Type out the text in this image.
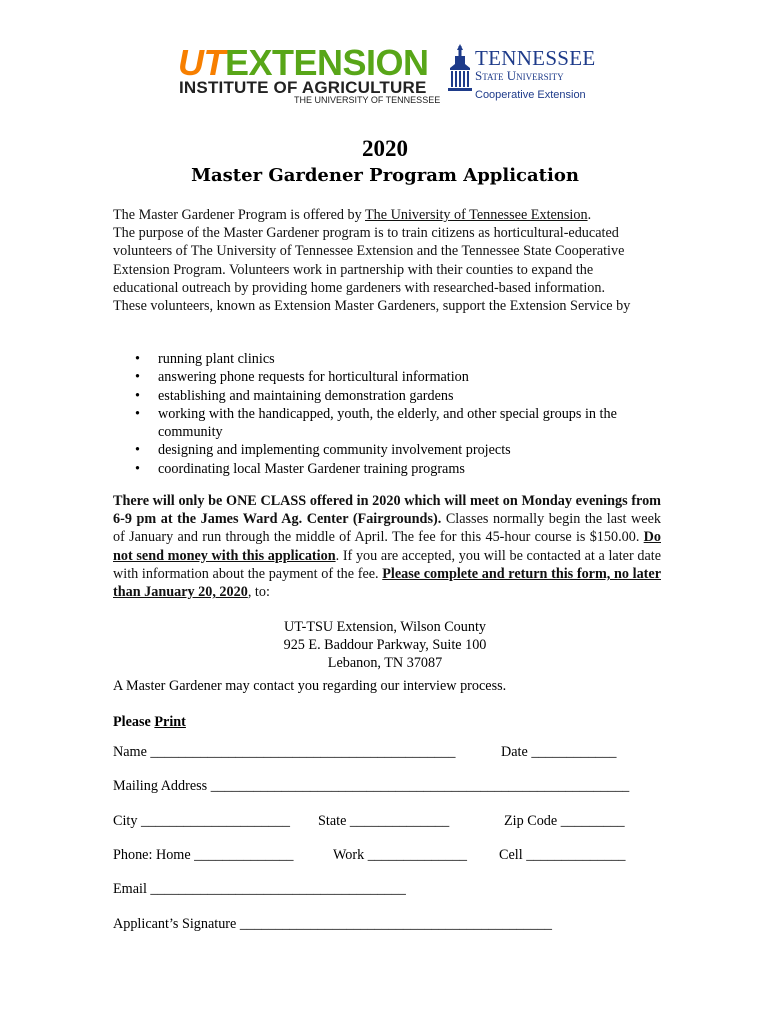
UTEXTENSION
INSTITUTE OF AGRICULTURE
THE UNIVERSITY OF TENNESSEE
TENNESSEE
State University
Cooperative Extension
2020
Master Gardener Program Application
The Master Gardener Program is offered by The University of Tennessee Extension.
The purpose of the Master Gardener program is to train citizens as horticultural-educated volunteers of The University of Tennessee Extension and the Tennessee State Cooperative Extension Program. Volunteers work in partnership with their counties to expand the educational outreach by providing home gardeners with researched-based information.
These volunteers, known as Extension Master Gardeners, support the Extension Service by
• running plant clinics
• answering phone requests for horticultural information
• establishing and maintaining demonstration gardens
• working with the handicapped, youth, the elderly, and other special groups in the community
• designing and implementing community involvement projects
• coordinating local Master Gardener training programs
There will only be ONE CLASS offered in 2020 which will meet on Monday evenings from 6-9 pm at the James Ward Ag. Center (Fairgrounds). Classes normally begin the last week of January and run through the middle of April. The fee for this 45-hour course is $150.00. Do not send money with this application. If you are accepted, you will be contacted at a later date with information about the payment of the fee. Please complete and return this form, no later than January 20, 2020, to:
UT-TSU Extension, Wilson County
925 E. Baddour Parkway, Suite 100
Lebanon, TN 37087
A Master Gardener may contact you regarding our interview process.
Please Print
Name ___________________________________________	Date ____________
Mailing Address ___________________________________________________________
City _____________________ State ______________	Zip Code _________
Phone: Home ______________	Work ______________ Cell ______________
Email ____________________________________
Applicant’s Signature ____________________________________________
